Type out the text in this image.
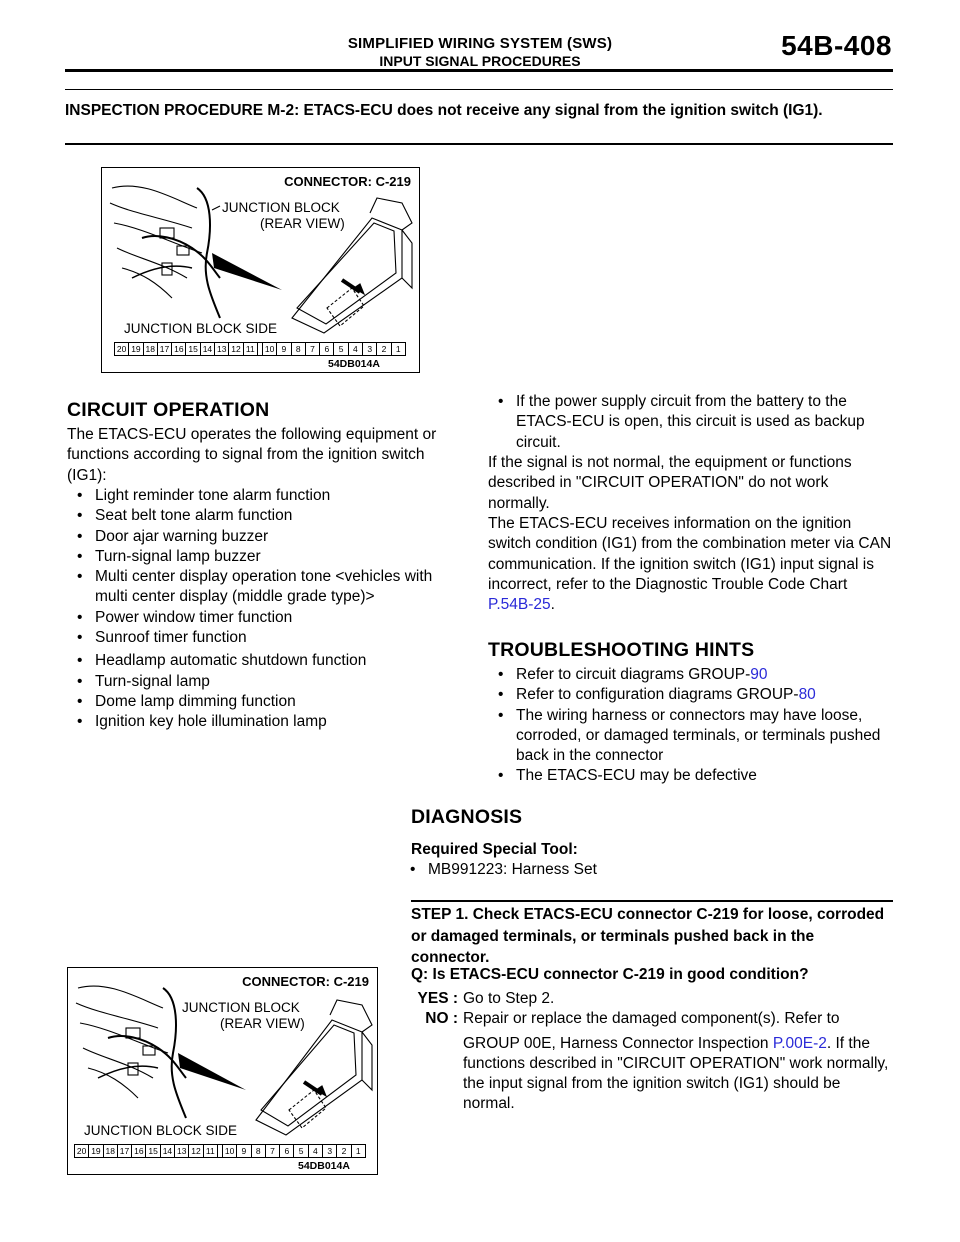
SIMPLIFIED WIRING SYSTEM (SWS)
INPUT SIGNAL PROCEDURES	54B-408
INSPECTION PROCEDURE M-2: ETACS-ECU does not receive any signal from the ignition switch (IG1).
CONNECTOR: C-219
JUNCTION BLOCK
(REAR VIEW)
JUNCTION BLOCK SIDE
20 19 18 17 16 15 14 13 12 11	10 9	8	7	6	5	4	3	2	1
54DB014A
CIRCUIT OPERATION
The ETACS-ECU operates the following equipment or functions according to signal from the ignition switch (IG1):
• Light reminder tone alarm function
• Seat belt tone alarm function
• Door ajar warning buzzer
• Turn-signal lamp buzzer
• Multi center display operation tone <vehicles with multi center display (middle grade type)>
• Power window timer function
• Sunroof timer function
• Headlamp automatic shutdown function
• Turn-signal lamp
• Dome lamp dimming function
• Ignition key hole illumination lamp
• If the power supply circuit from the battery to the ETACS-ECU is open, this circuit is used as backup circuit.
If the signal is not normal, the equipment or functions described in "CIRCUIT OPERATION" do not work normally.
The ETACS-ECU receives information on the ignition switch condition (IG1) from the combination meter via CAN communication. If the ignition switch (IG1) input signal is incorrect, refer to the Diagnostic Trouble Code Chart P.54B-25.
TROUBLESHOOTING HINTS
• Refer to circuit diagrams GROUP-90
• Refer to configuration diagrams GROUP-80
• The wiring harness or connectors may have loose, corroded, or damaged terminals, or terminals pushed back in the connector
• The ETACS-ECU may be defective
DIAGNOSIS
Required Special Tool:
• MB991223: Harness Set
STEP 1. Check ETACS-ECU connector C-219 for loose, corroded or damaged terminals, or terminals pushed back in the connector.
Q: Is ETACS-ECU connector C-219 in good condition?
YES : Go to Step 2.
NO : Repair or replace the damaged component(s). Refer to GROUP 00E, Harness Connector Inspection P.00E-2. If the functions described in "CIRCUIT OPERATION" work normally, the input signal from the ignition switch (IG1) should be normal.
CONNECTOR: C-219
JUNCTION BLOCK
(REAR VIEW)
JUNCTION BLOCK SIDE
20 19 18 17 16 15 14 13 12 11	10 9	8	7	6	5	4	3	2	1
54DB014A
